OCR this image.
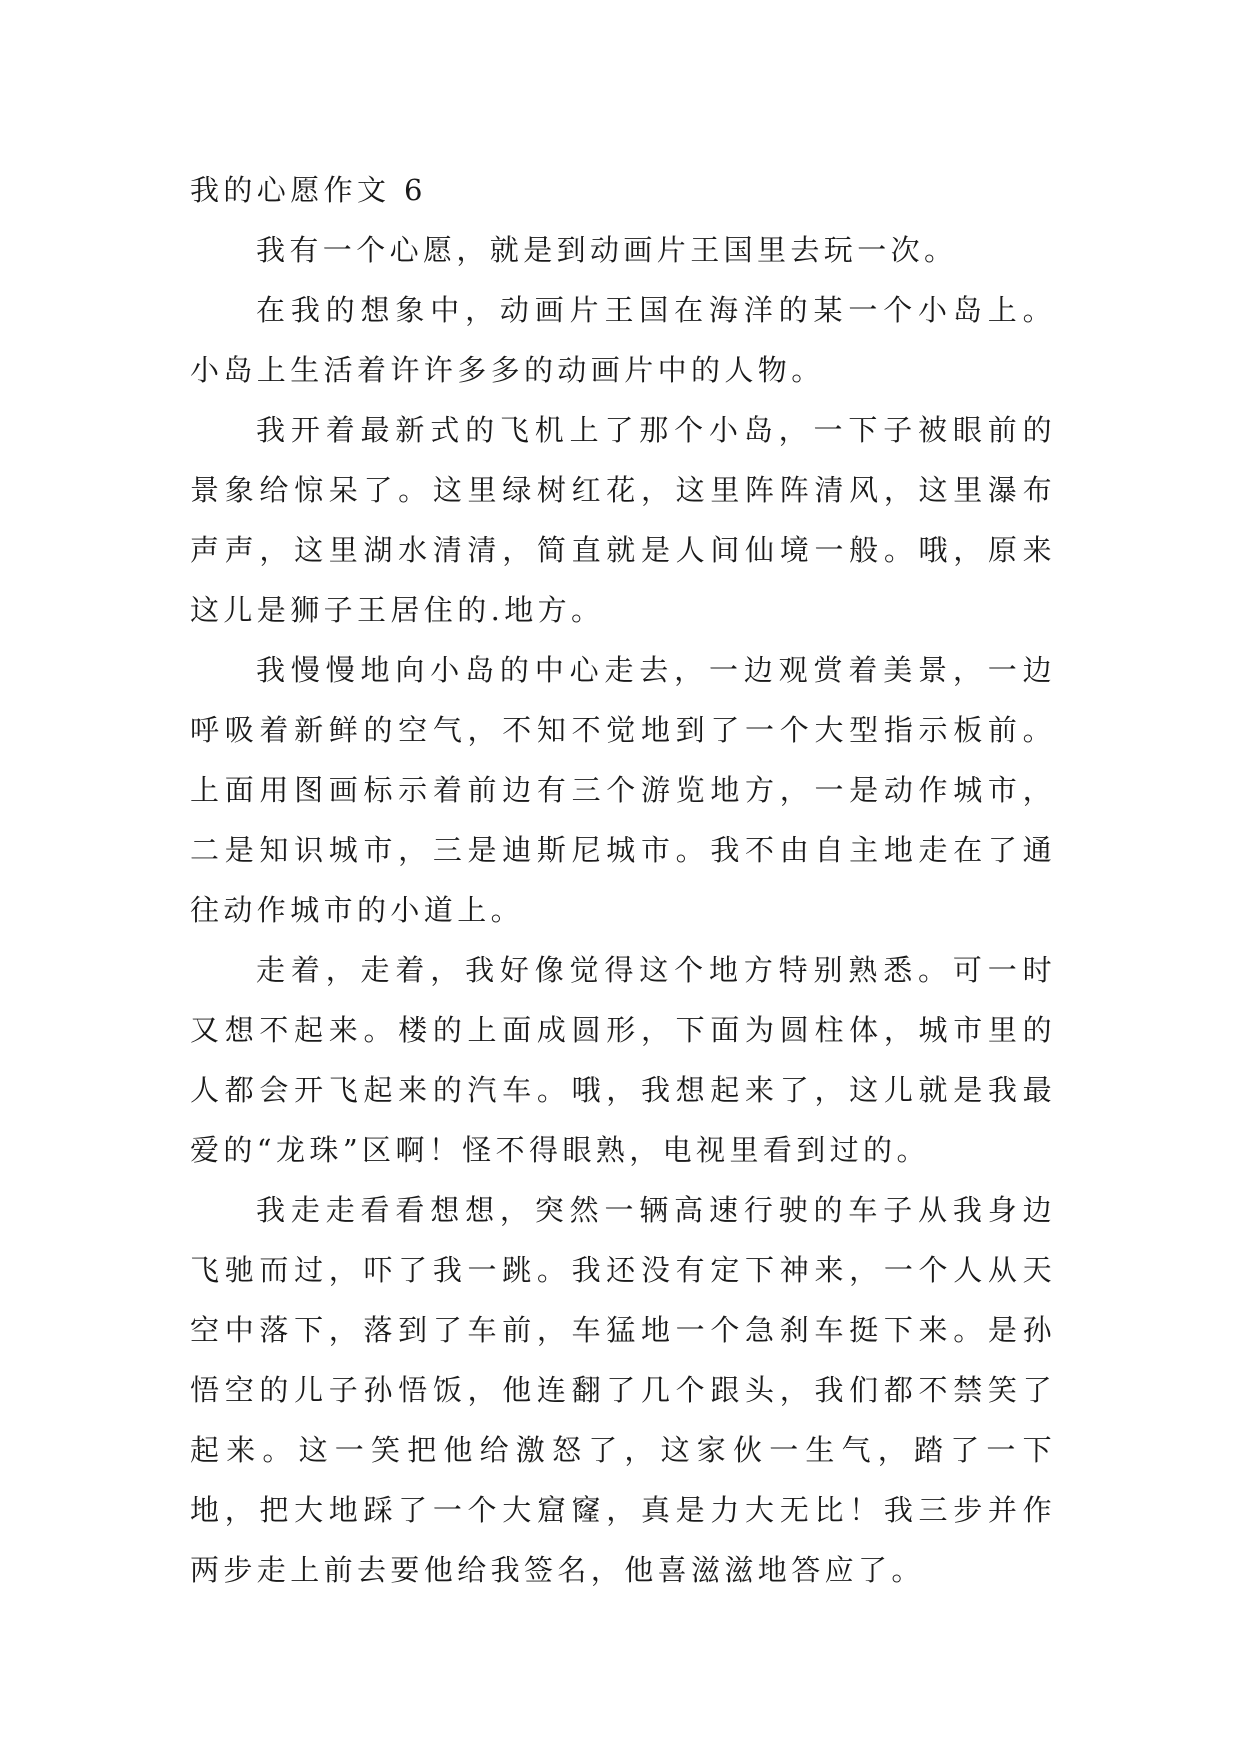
我的心愿作文 6

我有一个心愿，就是到动画片王国里去玩一次。

在我的想象中，动画片王国在海洋的某一个小岛上。小岛上生活着许许多多的动画片中的人物。

我开着最新式的飞机上了那个小岛，一下子被眼前的景象给惊呆了。这里绿树红花，这里阵阵清风，这里瀑布声声，这里湖水清清，简直就是人间仙境一般。哦，原来这儿是狮子王居住的.地方。

我慢慢地向小岛的中心走去，一边观赏着美景，一边呼吸着新鲜的空气，不知不觉地到了一个大型指示板前。上面用图画标示着前边有三个游览地方，一是动作城市，二是知识城市，三是迪斯尼城市。我不由自主地走在了通往动作城市的小道上。

走着，走着，我好像觉得这个地方特别熟悉。可一时又想不起来。楼的上面成圆形，下面为圆柱体，城市里的人都会开飞起来的汽车。哦，我想起来了，这儿就是我最爱的“龙珠”区啊！怪不得眼熟，电视里看到过的。

我走走看看想想，突然一辆高速行驶的车子从我身边飞驰而过，吓了我一跳。我还没有定下神来，一个人从天空中落下，落到了车前，车猛地一个急刹车挺下来。是孙悟空的儿子孙悟饭，他连翻了几个跟头，我们都不禁笑了起来。这一笑把他给激怒了，这家伙一生气，踏了一下地，把大地踩了一个大窟窿，真是力大无比！我三步并作两步走上前去要他给我签名，他喜滋滋地答应了。
